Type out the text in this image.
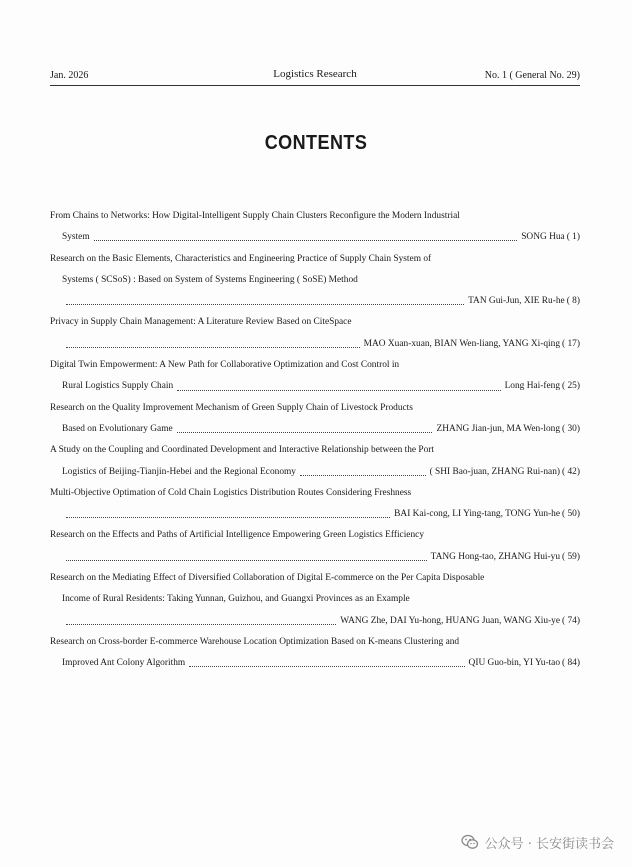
Jan. 2026	Logistics Research	No. 1 ( General No. 29)
CONTENTS
From Chains to Networks: How Digital-Intelligent Supply Chain Clusters Reconfigure the Modern Industrial
System	SONG Hua ( 1)
Research on the Basic Elements, Characteristics and Engineering Practice of Supply Chain System of
Systems ( SCSoS) : Based on System of Systems Engineering ( SoSE) Method
TAN Gui-Jun, XIE Ru-he ( 8)
Privacy in Supply Chain Management: A Literature Review Based on CiteSpace
MAO Xuan-xuan, BIAN Wen-liang, YANG Xi-qing ( 17)
Digital Twin Empowerment: A New Path for Collaborative Optimization and Cost Control in
Rural Logistics Supply Chain	Long Hai-feng ( 25)
Research on the Quality Improvement Mechanism of Green Supply Chain of Livestock Products
Based on Evolutionary Game	ZHANG Jian-jun, MA Wen-long ( 30)
A Study on the Coupling and Coordinated Development and Interactive Relationship between the Port
Logistics of Beijing-Tianjin-Hebei and the Regional Economy	( SHI Bao-juan, ZHANG Rui-nan) ( 42)
Multi-Objective Optimation of Cold Chain Logistics Distribution Routes Considering Freshness
BAI Kai-cong, LI Ying-tang, TONG Yun-he ( 50)
Research on the Effects and Paths of Artificial Intelligence Empowering Green Logistics Efficiency
TANG Hong-tao, ZHANG Hui-yu ( 59)
Research on the Mediating Effect of Diversified Collaboration of Digital E-commerce on the Per Capita Disposable
Income of Rural Residents: Taking Yunnan, Guizhou, and Guangxi Provinces as an Example
WANG Zhe, DAI Yu-hong, HUANG Juan, WANG Xiu-ye ( 74)
Research on Cross-border E-commerce Warehouse Location Optimization Based on K-means Clustering and
Improved Ant Colony Algorithm	QIU Guo-bin, YI Yu-tao ( 84)
公众号 · 长安街读书会
